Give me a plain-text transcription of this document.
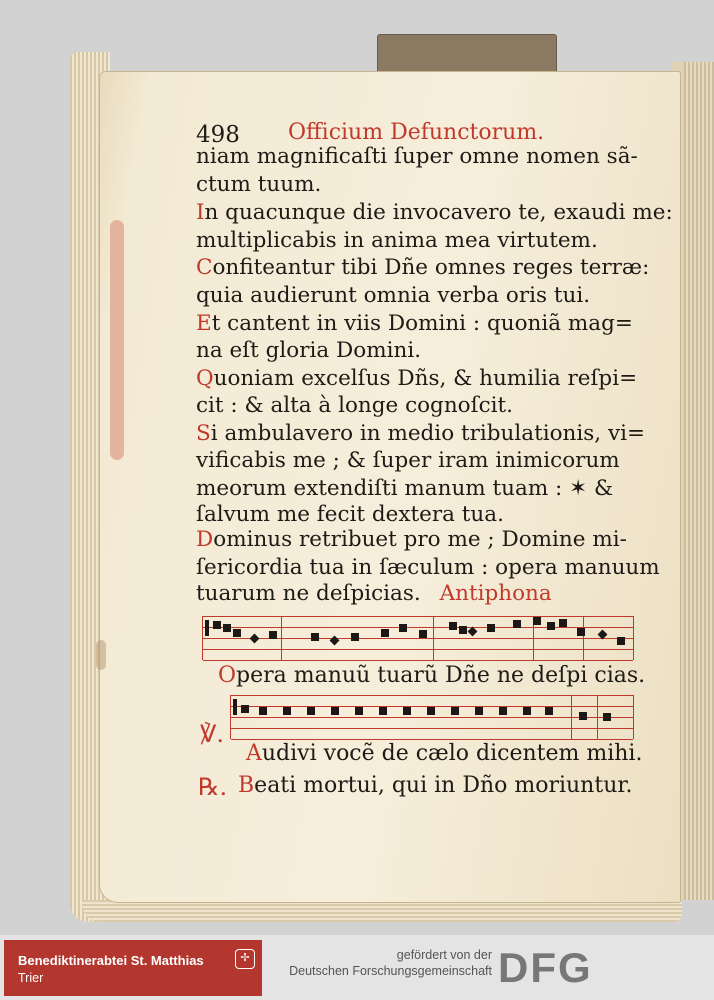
498 Officium Defunctorum.
niam magnificaſti ſuper omne nomen sã-
ctum tuum.
In quacunque die invocavero te, exaudi me:
multiplicabis in anima mea virtutem.
Confiteantur tibi Dñe omnes reges terræ:
quia audierunt omnia verba oris tui.
Et cantent in viis Domini : quoniã mag=
na eſt gloria Domini.
Quoniam excelſus Dñs, & humilia reſpi=
cit : & alta à longe cognoſcit.
Si ambulavero in medio tribulationis, vi=
vificabis me ; & ſuper iram inimicorum
meorum extendiſti manum tuam : ✶ &
ſalvum me fecit dextera tua.
Dominus retribuet pro me ; Domine mi-
ſericordia tua in ſæculum : opera manuum
tuarum ne deſpicias. Antiphona
Opera manuũ tuarũ Dñe ne deſpi cias.
℣.
Audivi vocẽ de cælo dicentem mihi.
℞. Beati mortui, qui in Dño moriuntur.
Benediktinerabtei St. Matthias
Trier
✢	gefördert von der
Deutschen Forschungsgemeinschaft DFG
